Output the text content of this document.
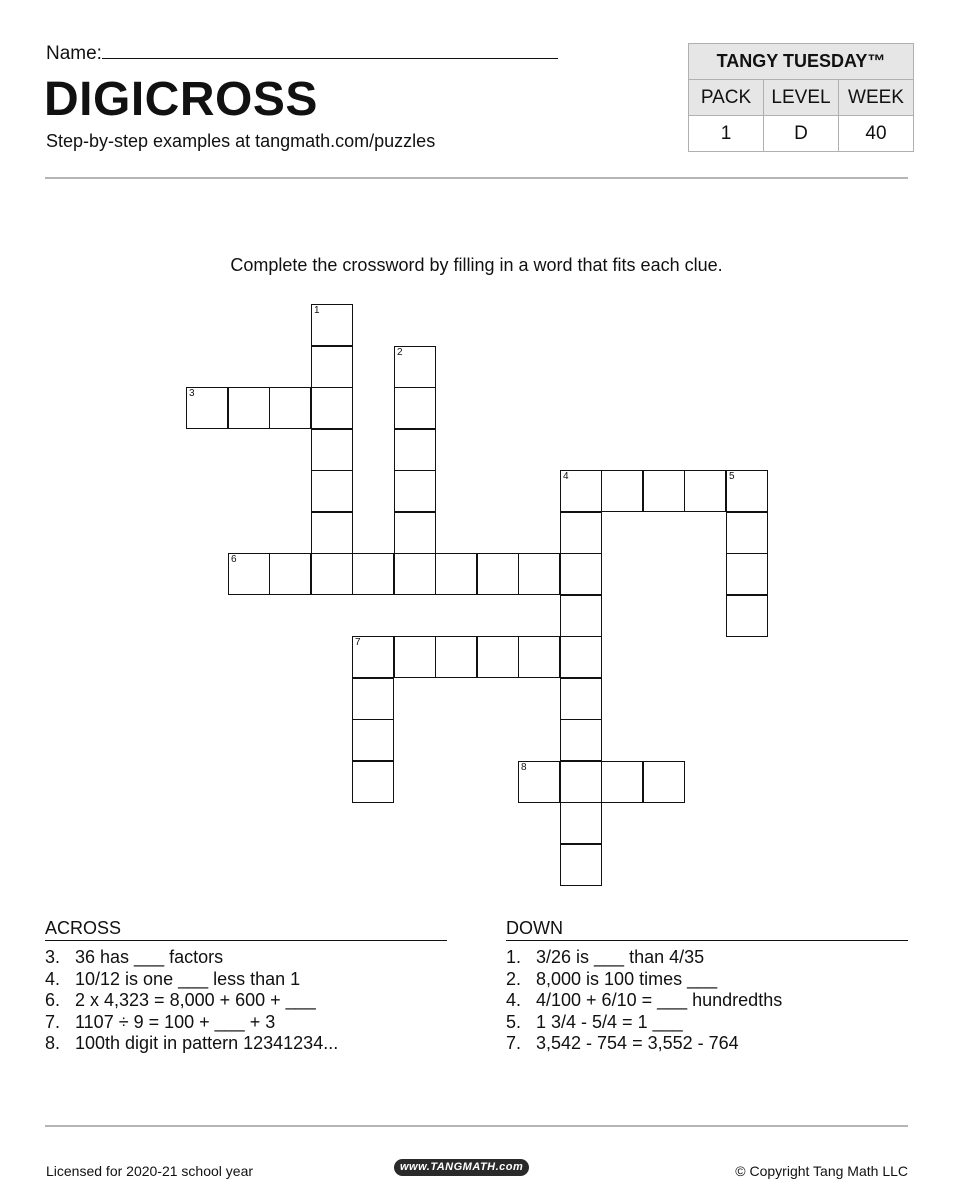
Name:
DIGICROSS
Step-by-step examples at tangmath.com/puzzles
TANGY TUESDAY™		
PACK	LEVEL	WEEK
1	D	40
Complete the crossword by filling in a word that fits each clue.
1
2
3
4	5
6
7
8
ACROSS
3. 36 has ___ factors
4. 10/12 is one ___ less than 1
6. 2 x 4,323 = 8,000 + 600 + ___
7. 1107 ÷ 9 = 100 + ___ + 3
8. 100th digit in pattern 12341234...
DOWN
1. 3/26 is ___ than 4/35
2. 8,000 is 100 times ___
4. 4/100 + 6/10 = ___ hundredths
5. 1 3/4 - 5/4 = 1 ___
7. 3,542 - 754 = 3,552 - 764
Licensed for 2020-21 school year	www.TANGMATH.com	© Copyright Tang Math LLC
